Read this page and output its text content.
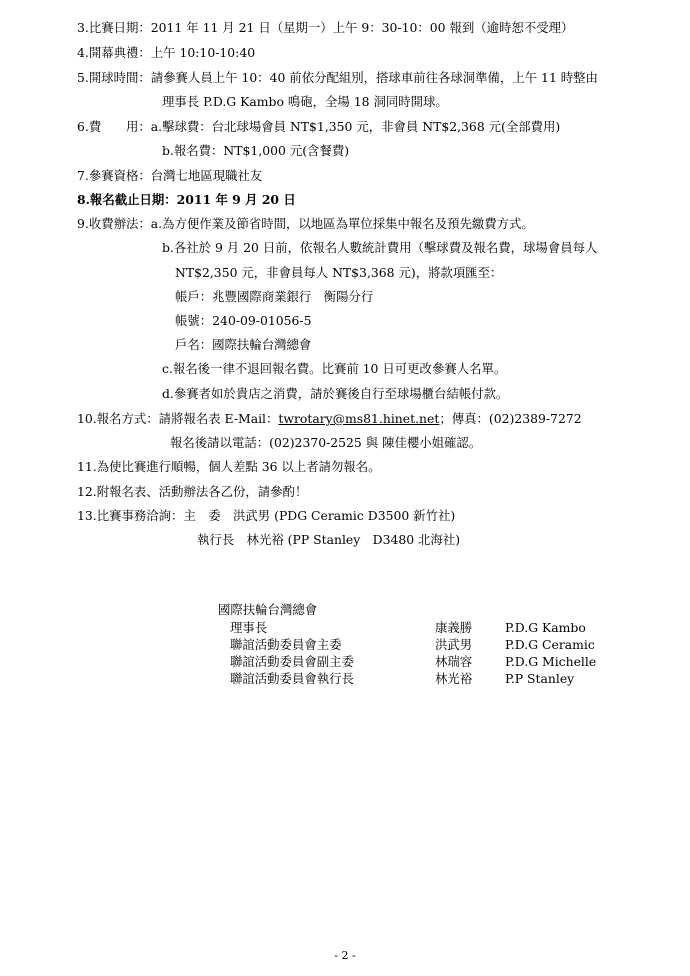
3.比賽日期：2011 年 11 月 21 日（星期一）上午 9：30-10：00 報到（逾時恕不受理）
4.開幕典禮：上午 10:10-10:40
5.開球時間：請參賽人員上午 10：40 前依分配組別，搭球車前往各球洞準備，上午 11 時整由
理事長 P.D.G Kambo 鳴砲，全場 18 洞同時開球。
6.費　　用：a.擊球費：台北球場會員 NT$1,350 元，非會員 NT$2,368 元(全部費用)
b.報名費：NT$1,000 元(含餐費)
7.參賽資格：台灣七地區現職社友
8.報名截止日期：2011 年 9 月 20 日
9.收費辦法：a.為方便作業及節省時間，以地區為單位採集中報名及預先繳費方式。
b.各社於 9 月 20 日前，依報名人數統計費用（擊球費及報名費，球場會員每人
NT$2,350 元，非會員每人 NT$3,368 元)，將款項匯至：
帳戶：兆豐國際商業銀行　衡陽分行
帳號：240-09-01056-5
戶名：國際扶輪台灣總會
c.報名後一律不退回報名費。比賽前 10 日可更改參賽人名單。
d.參賽者如於貴店之消費，請於賽後自行至球場櫃台結帳付款。
10.報名方式：請將報名表 E-Mail：twrotary@ms81.hinet.net；傳真：(02)2389-7272
報名後請以電話：(02)2370-2525 與 陳佳櫻小姐確認。
11.為使比賽進行順暢，個人差點 36 以上者請勿報名。
12.附報名表、活動辦法各乙份，請參酌！
13.比賽事務洽詢：主　委　洪武男 (PDG Ceramic D3500 新竹社)
執行長　林光裕 (PP Stanley　D3480 北海社)
國際扶輪台灣總會
理事長	康義勝	P.D.G Kambo
聯誼活動委員會主委	洪武男	P.D.G Ceramic
聯誼活動委員會副主委	林瑞容	P.D.G Michelle
聯誼活動委員會執行長	林光裕	P.P Stanley
- 2 -
